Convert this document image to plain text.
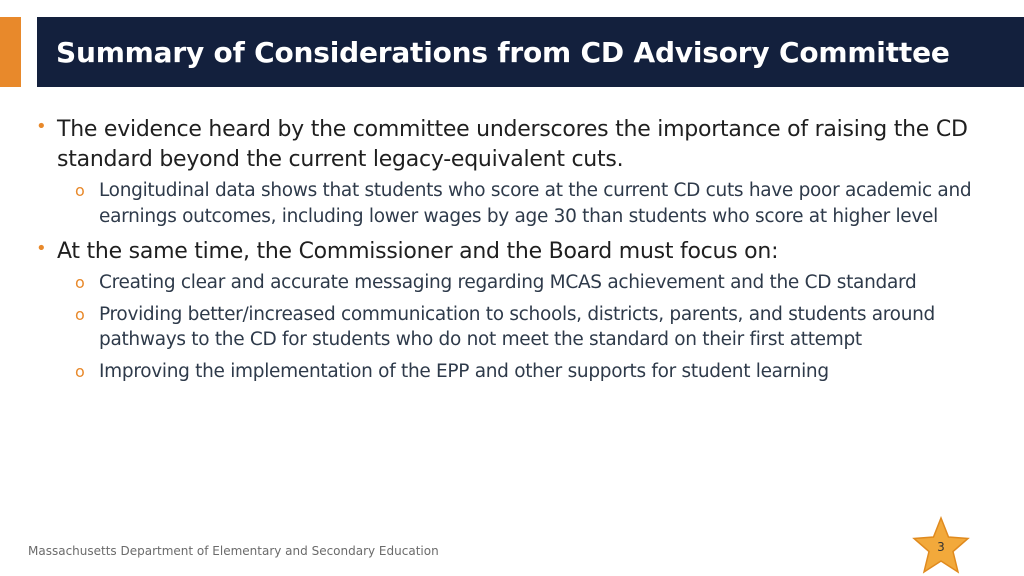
Summary of Considerations from CD Advisory Committee
• The evidence heard by the committee underscores the importance of raising the CD standard beyond the current legacy-equivalent cuts.
o Longitudinal data shows that students who score at the current CD cuts have poor academic and earnings outcomes, including lower wages by age 30 than students who score at higher level
• At the same time, the Commissioner and the Board must focus on:
o Creating clear and accurate messaging regarding MCAS achievement and the CD standard
o Providing better/increased communication to schools, districts, parents, and students around pathways to the CD for students who do not meet the standard on their first attempt
o Improving the implementation of the EPP and other supports for student learning
Massachusetts Department of Elementary and Secondary Education	3
